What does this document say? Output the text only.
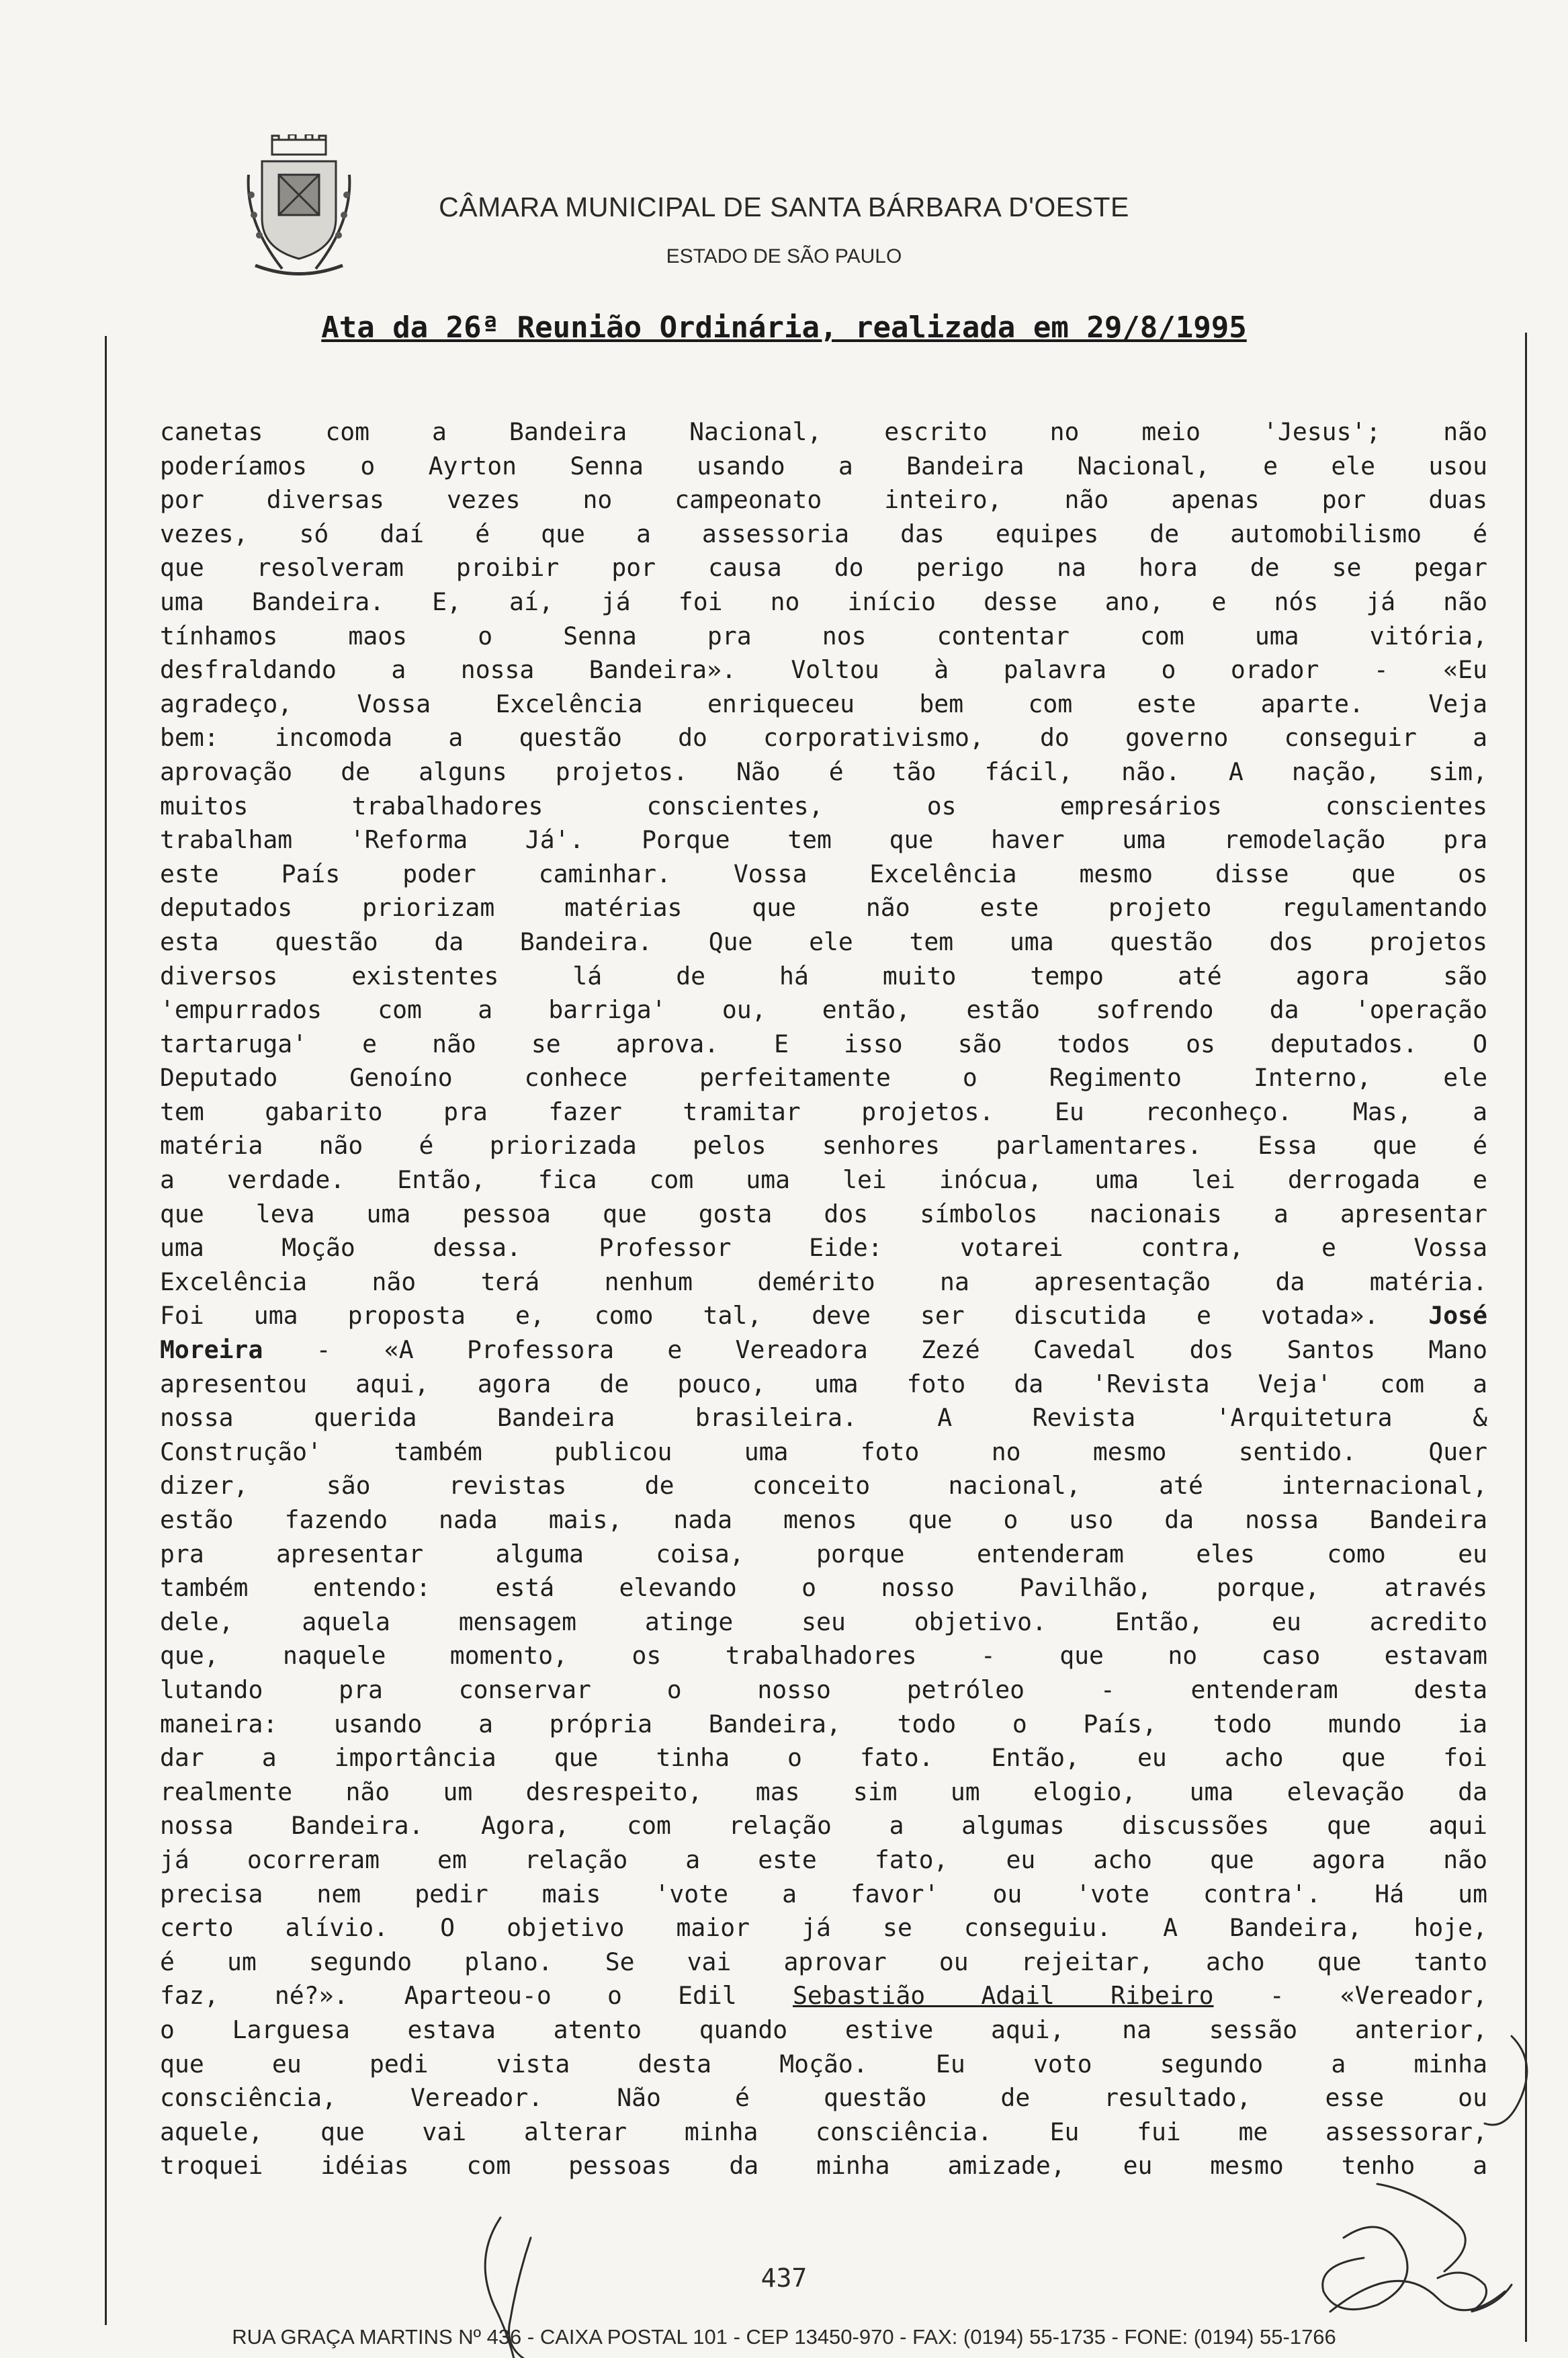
CÂMARA MUNICIPAL DE SANTA BÁRBARA D'OESTE
ESTADO DE SÃO PAULO
Ata da 26ª Reunião Ordinária, realizada em 29/8/1995
canetas com a Bandeira Nacional, escrito no meio 'Jesus'; não
poderíamos o Ayrton Senna usando a Bandeira Nacional, e ele usou
por diversas vezes no campeonato inteiro, não apenas por duas
vezes, só daí é que a assessoria das equipes de automobilismo é
que resolveram proibir por causa do perigo na hora de se pegar
uma Bandeira. E, aí, já foi no início desse ano, e nós já não
tínhamos maos o Senna pra nos contentar com uma vitória,
desfraldando a nossa Bandeira». Voltou à palavra o orador - «Eu
agradeço, Vossa Excelência enriqueceu bem com este aparte. Veja
bem: incomoda a questão do corporativismo, do governo conseguir a
aprovação de alguns projetos. Não é tão fácil, não. A nação, sim,
muitos trabalhadores conscientes, os empresários conscientes
trabalham 'Reforma Já'. Porque tem que haver uma remodelação pra
este País poder caminhar. Vossa Excelência mesmo disse que os
deputados priorizam matérias que não este projeto regulamentando
esta questão da Bandeira. Que ele tem uma questão dos projetos
diversos existentes lá de há muito tempo até agora são
'empurrados com a barriga' ou, então, estão sofrendo da 'operação
tartaruga' e não se aprova. E isso são todos os deputados. O
Deputado Genoíno conhece perfeitamente o Regimento Interno, ele
tem gabarito pra fazer tramitar projetos. Eu reconheço. Mas, a
matéria não é priorizada pelos senhores parlamentares. Essa que é
a verdade. Então, fica com uma lei inócua, uma lei derrogada e
que leva uma pessoa que gosta dos símbolos nacionais a apresentar
uma Moção dessa. Professor Eide: votarei contra, e Vossa
Excelência não terá nenhum demérito na apresentação da matéria.
Foi uma proposta e, como tal, deve ser discutida e votada». José
Moreira - «A Professora e Vereadora Zezé Cavedal dos Santos Mano
apresentou aqui, agora de pouco, uma foto da 'Revista Veja' com a
nossa querida Bandeira brasileira. A Revista 'Arquitetura &
Construção' também publicou uma foto no mesmo sentido. Quer
dizer, são revistas de conceito nacional, até internacional,
estão fazendo nada mais, nada menos que o uso da nossa Bandeira
pra apresentar alguma coisa, porque entenderam eles como eu
também entendo: está elevando o nosso Pavilhão, porque, através
dele, aquela mensagem atinge seu objetivo. Então, eu acredito
que, naquele momento, os trabalhadores - que no caso estavam
lutando pra conservar o nosso petróleo - entenderam desta
maneira: usando a própria Bandeira, todo o País, todo mundo ia
dar a importância que tinha o fato. Então, eu acho que foi
realmente não um desrespeito, mas sim um elogio, uma elevação da
nossa Bandeira. Agora, com relação a algumas discussões que aqui
já ocorreram em relação a este fato, eu acho que agora não
precisa nem pedir mais 'vote a favor' ou 'vote contra'. Há um
certo alívio. O objetivo maior já se conseguiu. A Bandeira, hoje,
é um segundo plano. Se vai aprovar ou rejeitar, acho que tanto
faz, né?». Aparteou-o o Edil Sebastião Adail Ribeiro - «Vereador,
o Larguesa estava atento quando estive aqui, na sessão anterior,
que eu pedi vista desta Moção. Eu voto segundo a minha
consciência, Vereador. Não é questão de resultado, esse ou
aquele, que vai alterar minha consciência. Eu fui me assessorar,
troquei idéias com pessoas da minha amizade, eu mesmo tenho a
437
RUA GRAÇA MARTINS Nº 436 - CAIXA POSTAL 101 - CEP 13450-970 - FAX: (0194) 55-1735 - FONE: (0194) 55-1766
